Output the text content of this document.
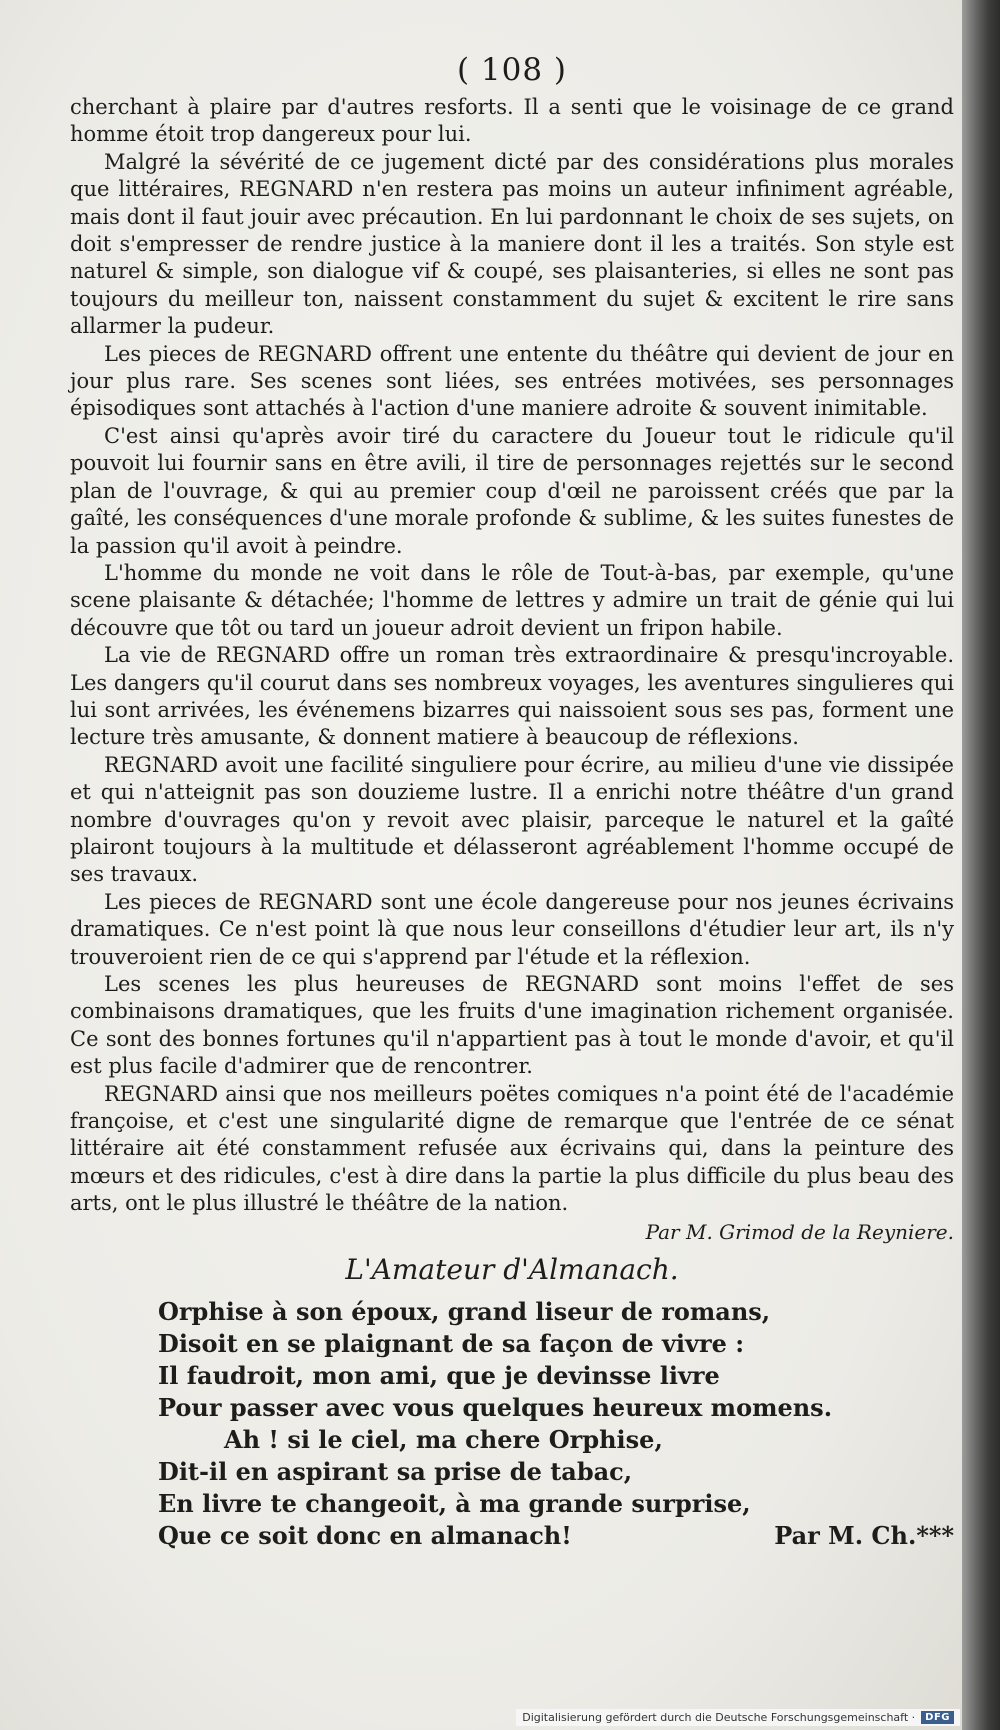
( 108 )

cherchant à plaire par d'autres resforts. Il a senti que le voisinage de ce grand homme étoit trop dangereux pour lui.

Malgré la sévérité de ce jugement dicté par des considérations plus morales que littéraires, REGNARD n'en restera pas moins un auteur infiniment agréable, mais dont il faut jouir avec précaution. En lui pardonnant le choix de ses sujets, on doit s'empresser de rendre justice à la maniere dont il les a traités. Son style est naturel & simple, son dialogue vif & coupé, ses plaisanteries, si elles ne sont pas toujours du meilleur ton, naissent constamment du sujet & excitent le rire sans allarmer la pudeur.

Les pieces de REGNARD offrent une entente du théâtre qui devient de jour en jour plus rare. Ses scenes sont liées, ses entrées motivées, ses personnages épisodiques sont attachés à l'action d'une maniere adroite & souvent inimitable.

C'est ainsi qu'après avoir tiré du caractere du Joueur tout le ridicule qu'il pouvoit lui fournir sans en être avili, il tire de personnages rejettés sur le second plan de l'ouvrage, & qui au premier coup d'œil ne paroissent créés que par la gaîté, les conséquences d'une morale profonde & sublime, & les suites funestes de la passion qu'il avoit à peindre.

L'homme du monde ne voit dans le rôle de Tout-à-bas, par exemple, qu'une scene plaisante & détachée; l'homme de lettres y admire un trait de génie qui lui découvre que tôt ou tard un joueur adroit devient un fripon habile.

La vie de REGNARD offre un roman très extraordinaire & presqu'incroyable. Les dangers qu'il courut dans ses nombreux voyages, les aventures singulieres qui lui sont arrivées, les événemens bizarres qui naissoient sous ses pas, forment une lecture très amusante, & donnent matiere à beaucoup de réflexions.

REGNARD avoit une facilité singuliere pour écrire, au milieu d'une vie dissipée et qui n'atteignit pas son douzieme lustre. Il a enrichi notre théâtre d'un grand nombre d'ouvrages qu'on y revoit avec plaisir, parceque le naturel et la gaîté plairont toujours à la multitude et délasseront agréablement l'homme occupé de ses travaux.

Les pieces de REGNARD sont une école dangereuse pour nos jeunes écrivains dramatiques. Ce n'est point là que nous leur conseillons d'étudier leur art, ils n'y trouveroient rien de ce qui s'apprend par l'étude et la réflexion.

Les scenes les plus heureuses de REGNARD sont moins l'effet de ses combinaisons dramatiques, que les fruits d'une imagination richement organisée. Ce sont des bonnes fortunes qu'il n'appartient pas à tout le monde d'avoir, et qu'il est plus facile d'admirer que de rencontrer.

REGNARD ainsi que nos meilleurs poëtes comiques n'a point été de l'académie françoise, et c'est une singularité digne de remarque que l'entrée de ce sénat littéraire ait été constamment refusée aux écrivains qui, dans la peinture des mœurs et des ridicules, c'est à dire dans la partie la plus difficile du plus beau des arts, ont le plus illustré le théâtre de la nation.

Par M. Grimod de la Reyniere.

L'Amateur d'Almanach.
Orphise à son époux, grand liseur de romans,
Disoit en se plaignant de sa façon de vivre :
Il faudroit, mon ami, que je devinsse livre
Pour passer avec vous quelques heureux momens.
Ah ! si le ciel, ma chere Orphise,
Dit-il en aspirant sa prise de tabac,
En livre te changeoit, à ma grande surprise,
Que ce soit donc en almanach!	Par M. Ch.***
Digitalisierung gefördert durch die Deutsche Forschungsgemeinschaft ·	DFG
